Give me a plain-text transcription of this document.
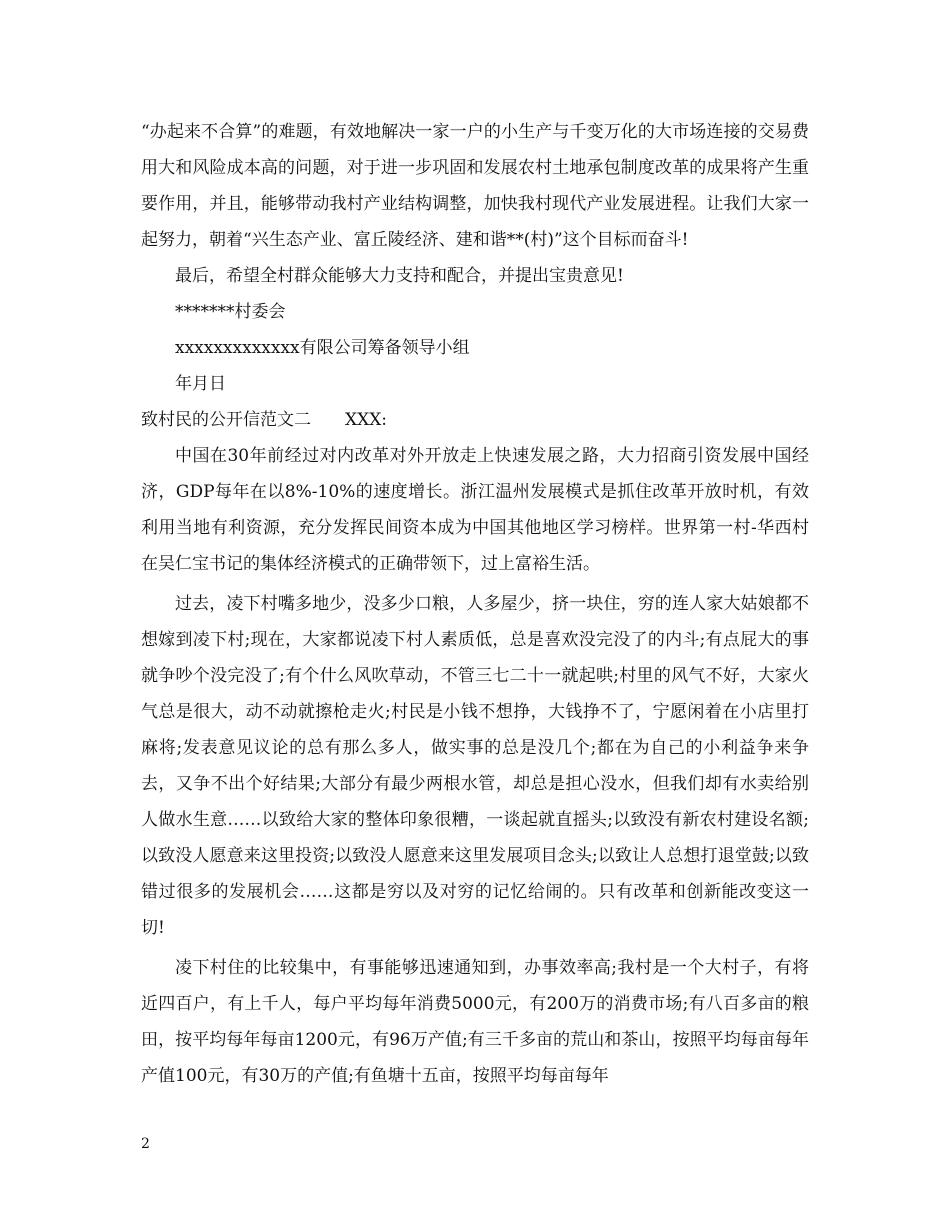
“办起来不合算”的难题，有效地解决一家一户的小生产与千变万化的大市场连接的交易费用大和风险成本高的问题，对于进一步巩固和发展农村土地承包制度改革的成果将产生重要作用，并且，能够带动我村产业结构调整，加快我村现代产业发展进程。让我们大家一起努力，朝着“兴生态产业、富丘陵经济、建和谐**(村)”这个目标而奋斗!

最后，希望全村群众能够大力支持和配合，并提出宝贵意见!

*******村委会

xxxxxxxxxxxxx有限公司筹备领导小组

年月日

致村民的公开信范文二 XXX:

中国在30年前经过对内改革对外开放走上快速发展之路，大力招商引资发展中国经济，GDP每年在以8%-10%的速度增长。浙江温州发展模式是抓住改革开放时机，有效利用当地有利资源，充分发挥民间资本成为中国其他地区学习榜样。世界第一村-华西村在吴仁宝书记的集体经济模式的正确带领下，过上富裕生活。

过去，凌下村嘴多地少，没多少口粮，人多屋少，挤一块住，穷的连人家大姑娘都不想嫁到凌下村;现在，大家都说凌下村人素质低，总是喜欢没完没了的内斗;有点屁大的事就争吵个没完没了;有个什么风吹草动，不管三七二十一就起哄;村里的风气不好，大家火气总是很大，动不动就擦枪走火;村民是小钱不想挣，大钱挣不了，宁愿闲着在小店里打麻将;发表意见议论的总有那么多人，做实事的总是没几个;都在为自己的小利益争来争去，又争不出个好结果;大部分有最少两根水管，却总是担心没水，但我们却有水卖给别人做水生意……以致给大家的整体印象很糟，一谈起就直摇头;以致没有新农村建设名额;以致没人愿意来这里投资;以致没人愿意来这里发展项目念头;以致让人总想打退堂鼓;以致错过很多的发展机会……这都是穷以及对穷的记忆给闹的。只有改革和创新能改变这一切!

凌下村住的比较集中，有事能够迅速通知到，办事效率高;我村是一个大村子，有将近四百户，有上千人，每户平均每年消费5000元，有200万的消费市场;有八百多亩的粮田，按平均每年每亩1200元，有96万产值;有三千多亩的荒山和茶山，按照平均每亩每年产值100元，有30万的产值;有鱼塘十五亩，按照平均每亩每年

2
